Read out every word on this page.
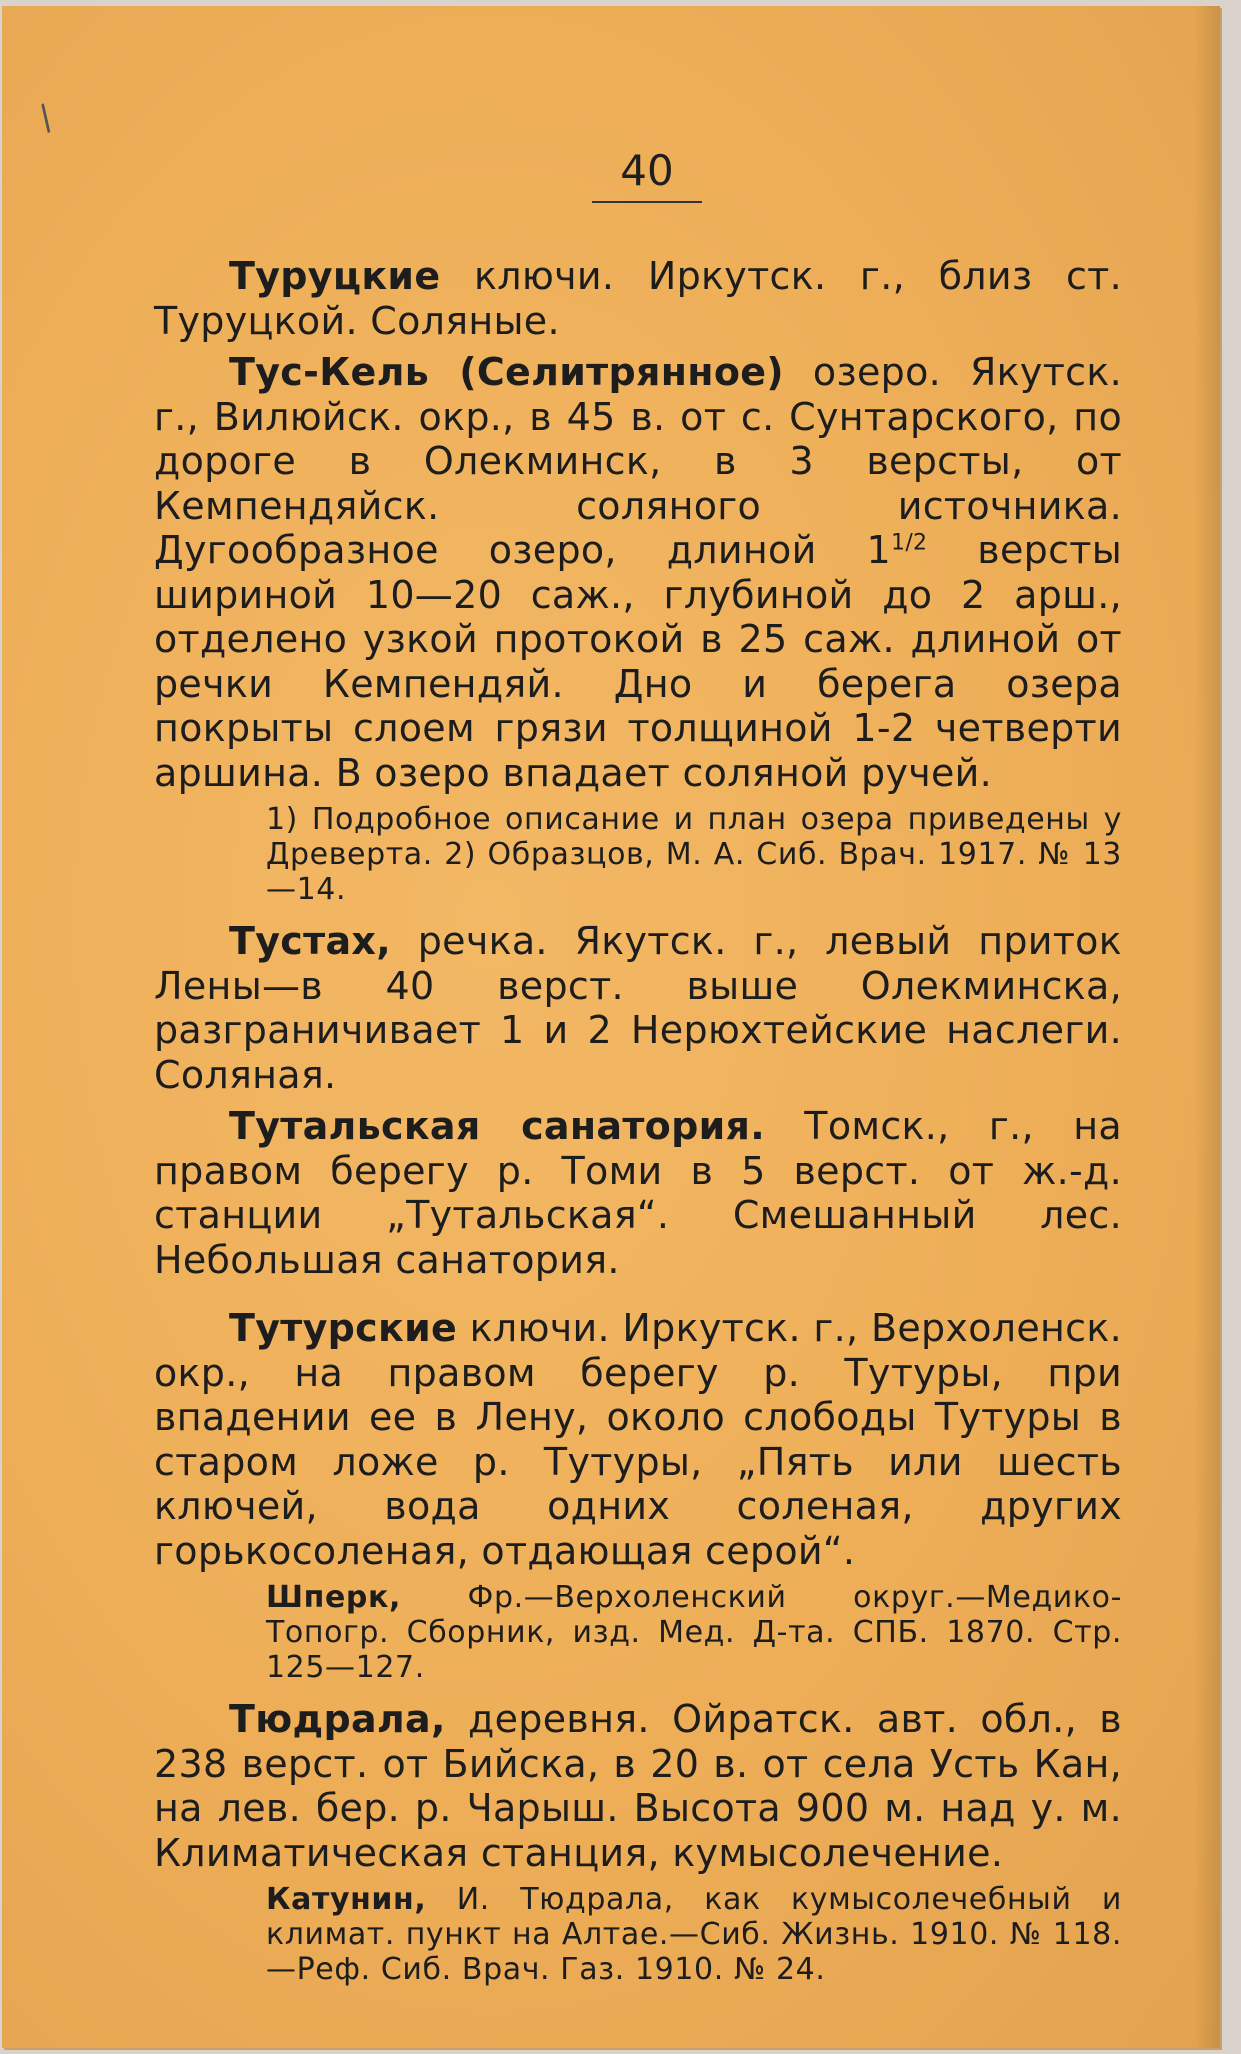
/
40

Туруцкие ключи. Иркутск. г., близ ст. Туруцкой. Соляные.

Тус-Кель (Селитрянное) озеро. Якутск. г., Вилюйск. окр., в 45 в. от с. Сунтарского, по дороге в Олекминск, в 3 версты, от Кемпендяйск. соляного источника. Дугообразное озеро, длиной $1^{1/2}$ версты шириной 10—20 саж., глубиной до 2 арш., отделено узкой протокой в 25 саж. длиной от речки Кемпендяй. Дно и берега озера покрыты слоем грязи толщиной 1-2 четверти аршина. В озеро впадает соляной ручей.

1) Подробное описание и план озера приведены у Древерта. 2) Образцов, М. А. Сиб. Врач. 1917. № 13—14.

Тустах, речка. Якутск. г., левый приток Лены—в 40 верст. выше Олекминска, разграничивает 1 и 2 Нерюхтейские наслеги. Соляная.

Тутальская санатория. Томск., г., на правом берегу р. Томи в 5 верст. от ж.-д. станции „Тутальская“. Смешанный лес. Небольшая санатория.

Тутурские ключи. Иркутск. г., Верхоленск. окр., на правом берегу р. Тутуры, при впадении ее в Лену, около слободы Тутуры в старом ложе р. Тутуры, „Пять или шесть ключей, вода одних соленая, других горькосоленая, отдающая серой“.

Шперк, Фр.—Верхоленский округ.—Медико-Топогр. Сборник, изд. Мед. Д-та. СПБ. 1870. Стр. 125—127.

Тюдрала, деревня. Ойратск. авт. обл., в 238 верст. от Бийска, в 20 в. от села Усть Кан, на лев. бер. р. Чарыш. Высота 900 м. над у. м. Климатическая станция, кумысолечение.

Катунин, И. Тюдрала, как кумысолечебный и климат. пункт на Алтае.—Сиб. Жизнь. 1910. № 118.—Реф. Сиб. Врач. Газ. 1910. № 24.
